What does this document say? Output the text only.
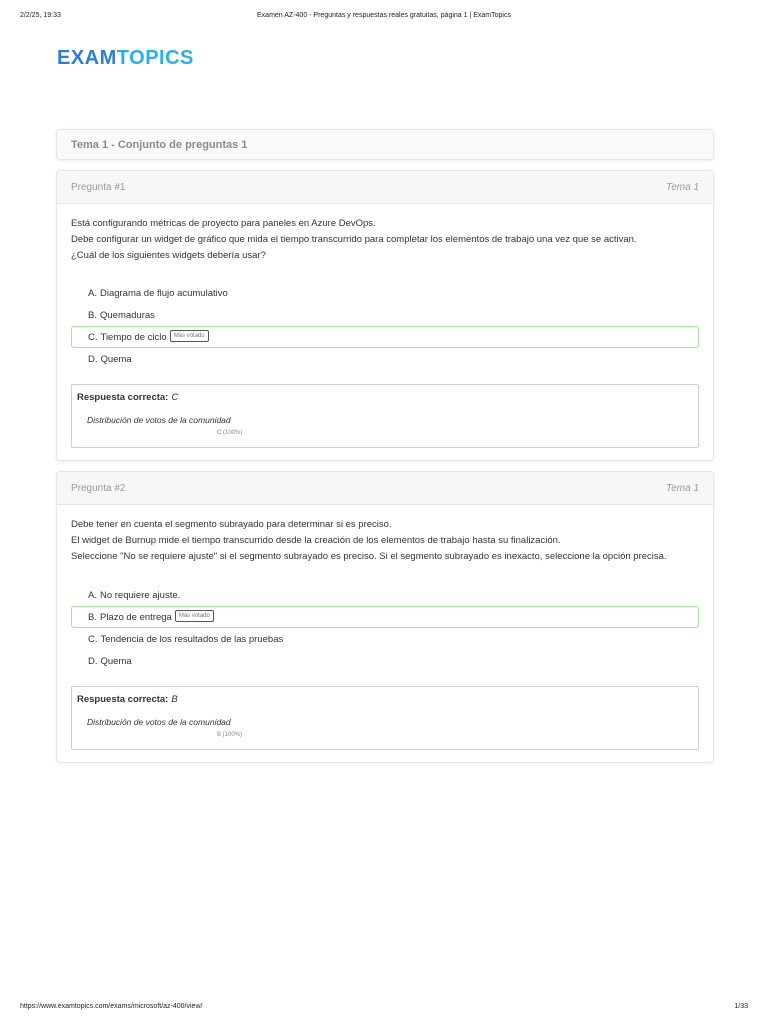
2/2/25, 19:33	Examen AZ-400 - Preguntas y respuestas reales gratuitas, página 1 | ExamTopics
EXAMTOPICS
Tema 1 - Conjunto de preguntas 1
Pregunta #1	Tema 1
Está configurando métricas de proyecto para paneles en Azure DevOps.
Debe configurar un widget de gráfico que mida el tiempo transcurrido para completar los elementos de trabajo una vez que se activan.
¿Cuál de los siguientes widgets debería usar?
A. Diagrama de flujo acumulativo
B. Quemaduras
C. Tiempo de ciclo Más votado
D. Quema
Respuesta correcta: C
Distribución de votos de la comunidad
C (100%)
Pregunta #2	Tema 1
Debe tener en cuenta el segmento subrayado para determinar si es preciso.
El widget de Burnup mide el tiempo transcurrido desde la creación de los elementos de trabajo hasta su finalización.
Seleccione "No se requiere ajuste" si el segmento subrayado es preciso. Si el segmento subrayado es inexacto, seleccione la opción precisa.
A. No requiere ajuste.
B. Plazo de entrega Más votado
C. Tendencia de los resultados de las pruebas
D. Quema
Respuesta correcta: B
Distribución de votos de la comunidad
B (100%)
https://www.examtopics.com/exams/microsoft/az-400/view/	1/33
